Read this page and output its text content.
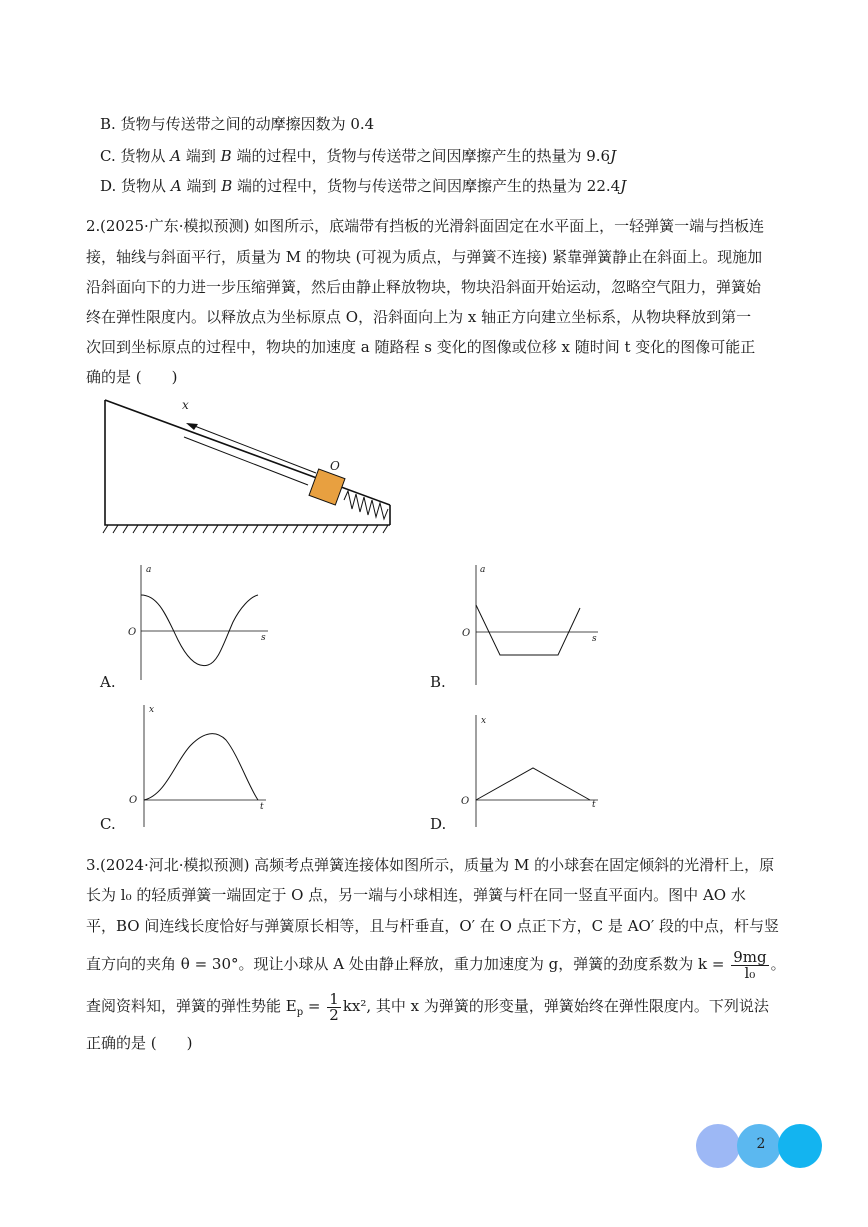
B. 货物与传送带之间的动摩擦因数为 0.4
C. 货物从 A 端到 B 端的过程中，货物与传送带之间因摩擦产生的热量为 9.6J
D. 货物从 A 端到 B 端的过程中，货物与传送带之间因摩擦产生的热量为 22.4J
2. (2025·广东·模拟预测) 如图所示，底端带有挡板的光滑斜面固定在水平面上，一轻弹簧一端与挡板连
接，轴线与斜面平行，质量为 M 的物块 (可视为质点，与弹簧不连接) 紧靠弹簧静止在斜面上。现施加
沿斜面向下的力进一步压缩弹簧，然后由静止释放物块，物块沿斜面开始运动，忽略空气阻力，弹簧始
终在弹性限度内。以释放点为坐标原点 O，沿斜面向上为 x 轴正方向建立坐标系，从物块释放到第一
次回到坐标原点的过程中，物块的加速度 a 随路程 s 变化的图像或位移 x 随时间 t 变化的图像可能正
确的是 (　　)
x
O
a
s
O
A.
a
s
O
B.
x
t
O
C.
x
t
O
D.
3. (2024·河北·模拟预测) 高频考点弹簧连接体如图所示，质量为 M 的小球套在固定倾斜的光滑杆上，原
长为 l₀ 的轻质弹簧一端固定于 O 点，另一端与小球相连，弹簧与杆在同一竖直平面内。图中 AO 水
平，BO 间连线长度恰好与弹簧原长相等，且与杆垂直，O′ 在 O 点正下方，C 是 AO′ 段的中点，杆与竖
直方向的夹角 θ = 30°。现让小球从 A 处由静止释放，重力加速度为 g，弹簧的劲度系数为 $k = \frac{9mg}{\text{l₀}}$ 。
查阅资料知，弹簧的弹性势能 $E_p = \frac{1}{2} kx^2$, 其中 x 为弹簧的形变量，弹簧始终在弹性限度内。下列说法
正确的是 (　　)
2
